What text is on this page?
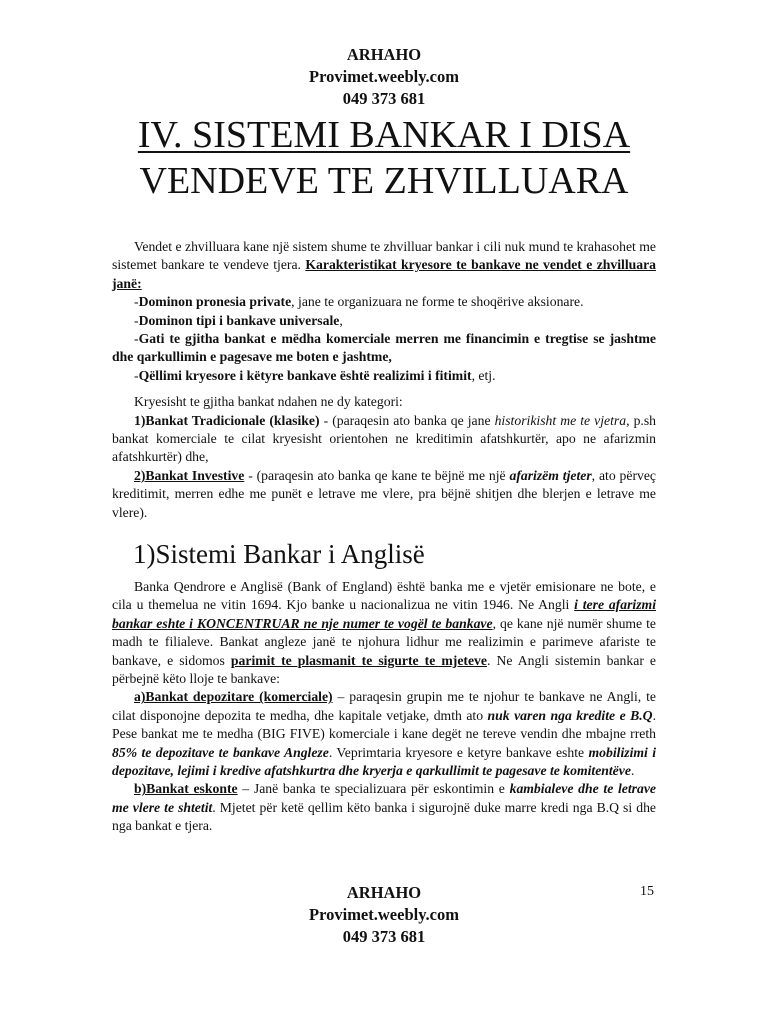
ARHAHO
Provimet.weebly.com
049 373 681
IV. SISTEMI BANKAR I DISA
VENDEVE TE ZHVILLUARA

Vendet e zhvilluara kane një sistem shume te zhvilluar bankar i cili nuk mund te krahasohet me sistemet bankare te vendeve tjera. Karakteristikat kryesore te bankave ne vendet e zhvilluara janë:

-Dominon pronesia private, jane te organizuara ne forme te shoqërive aksionare.

-Dominon tipi i bankave universale,

-Gati te gjitha bankat e mëdha komerciale merren me financimin e tregtise se jashtme dhe qarkullimin e pagesave me boten e jashtme,

-Qëllimi kryesore i këtyre bankave është realizimi i fitimit, etj.

Kryesisht te gjitha bankat ndahen ne dy kategori:

1)Bankat Tradicionale (klasike) - (paraqesin ato banka qe jane historikisht me te vjetra, p.sh bankat komerciale te cilat kryesisht orientohen ne kreditimin afatshkurtër, apo ne afarizmin afatshkurtër) dhe,

2)Bankat Investive - (paraqesin ato banka qe kane te bëjnë me një afarizëm tjeter, ato përveç kreditimit, merren edhe me punët e letrave me vlere, pra bëjnë shitjen dhe blerjen e letrave me vlere).

1)Sistemi Bankar i Anglisë

Banka Qendrore e Anglisë (Bank of England) është banka me e vjetër emisionare ne bote, e cila u themelua ne vitin 1694. Kjo banke u nacionalizua ne vitin 1946. Ne Angli i tere afarizmi bankar eshte i KONCENTRUAR ne nje numer te vogël te bankave, qe kane një numër shume te madh te filialeve. Bankat angleze janë te njohura lidhur me realizimin e parimeve afariste te bankave, e sidomos parimit te plasmanit te sigurte te mjeteve. Ne Angli sistemin bankar e përbejnë këto lloje te bankave:

a)Bankat depozitare (komerciale) – paraqesin grupin me te njohur te bankave ne Angli, te cilat disponojne depozita te medha, dhe kapitale vetjake, dmth ato nuk varen nga kredite e B.Q. Pese bankat me te medha (BIG FIVE) komerciale i kane degët ne tereve vendin dhe mbajne rreth 85% te depozitave te bankave Angleze. Veprimtaria kryesore e ketyre bankave eshte mobilizimi i depozitave, lejimi i kredive afatshkurtra dhe kryerja e qarkullimit te pagesave te komitentëve.

b)Bankat eskonte – Janë banka te specializuara për eskontimin e kambialeve dhe te letrave me vlere te shtetit. Mjetet për ketë qellim këto banka i sigurojnë duke marre kredi nga B.Q si dhe nga bankat e tjera.

ARHAHO
Provimet.weebly.com
049 373 681
15
